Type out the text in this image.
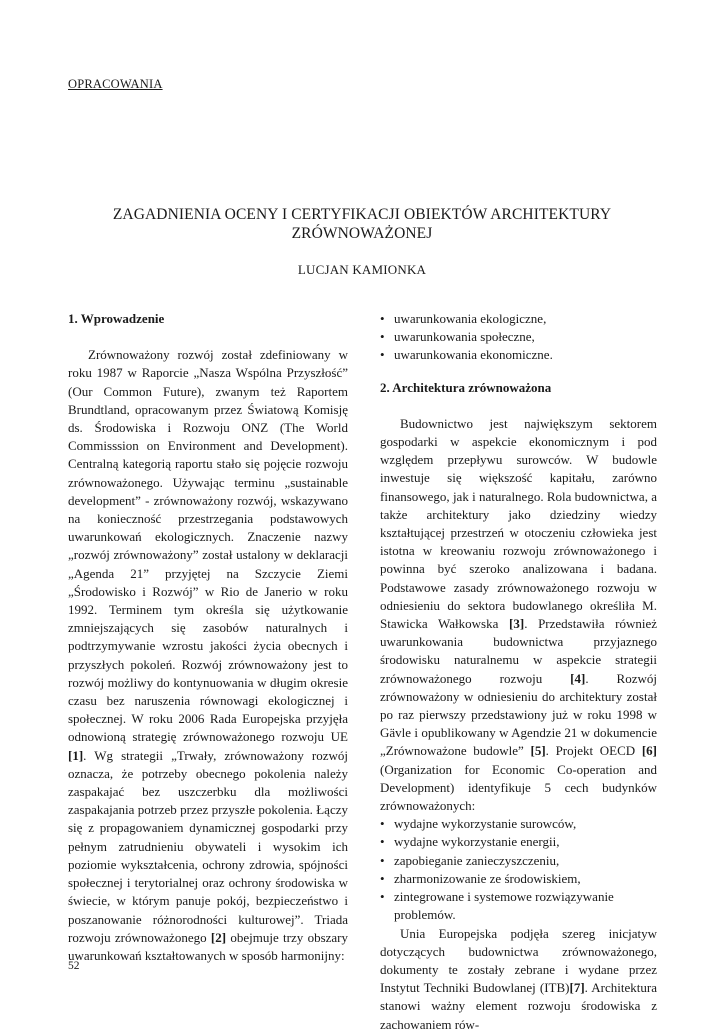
OPRACOWANIA
ZAGADNIENIA OCENY I CERTYFIKACJI OBIEKTÓW ARCHITEKTURY
ZRÓWNOWAŻONEJ
LUCJAN KAMIONKA
1. Wprowadzenie

Zrównoważony rozwój został zdefiniowany w roku 1987 w Raporcie „Nasza Wspólna Przyszłość” (Our Common Future), zwanym też Raportem Brundtland, opracowanym przez Światową Komisję ds. Środowiska i Rozwoju ONZ (The World Commisssion on Environment and Development). Centralną kategorią raportu stało się pojęcie rozwoju zrównoważonego. Używając terminu „sustainable development” - zrównoważony rozwój, wskazywano na konieczność przestrzegania podstawowych uwarunkowań ekologicznych. Znaczenie nazwy „rozwój zrównoważony” został ustalony w deklaracji „Agenda 21” przyjętej na Szczycie Ziemi „Środowisko i Rozwój” w Rio de Janerio w roku 1992. Terminem tym określa się użytkowanie zmniejszających się zasobów naturalnych i podtrzymywanie wzrostu jakości życia obecnych i przyszłych pokoleń. Rozwój zrównoważony jest to rozwój możliwy do kontynuowania w długim okresie czasu bez naruszenia równowagi ekologicznej i społecznej. W roku 2006 Rada Europejska przyjęła odnowioną strategię zrównoważonego rozwoju UE [1]. Wg strategii „Trwały, zrównoważony rozwój oznacza, że potrzeby obecnego pokolenia należy zaspakajać bez uszczerbku dla możliwości zaspakajania potrzeb przez przyszłe pokolenia. Łączy się z propagowaniem dynamicznej gospodarki przy pełnym zatrudnieniu obywateli i wysokim ich poziomie wykształcenia, ochrony zdrowia, spójności społecznej i terytorialnej oraz ochrony środowiska w świecie, w którym panuje pokój, bezpieczeństwo i poszanowanie różnorodności kulturowej”. Triada rozwoju zrównoważonego [2] obejmuje trzy obszary uwarunkowań kształtowanych w sposób harmonijny:

• uwarunkowania ekologiczne,
• uwarunkowania społeczne,
• uwarunkowania ekonomiczne.
2. Architektura zrównoważona

Budownictwo jest największym sektorem gospodarki w aspekcie ekonomicznym i pod względem przepływu surowców. W budowle inwestuje się większość kapitału, zarówno finansowego, jak i naturalnego. Rola budownictwa, a także architektury jako dziedziny wiedzy kształtującej przestrzeń w otoczeniu człowieka jest istotna w kreowaniu rozwoju zrównoważonego i powinna być szeroko analizowana i badana. Podstawowe zasady zrównoważonego rozwoju w odniesieniu do sektora budowlanego określiła M. Stawicka Wałkowska [3]. Przedstawiła również uwarunkowania budownictwa przyjaznego środowisku naturalnemu w aspekcie strategii zrównoważonego rozwoju [4]. Rozwój zrównoważony w odniesieniu do architektury został po raz pierwszy przedstawiony już w roku 1998 w Gävle i opublikowany w Agendzie 21 w dokumencie „Zrównoważone budowle” [5]. Projekt OECD [6] (Organization for Economic Co-operation and Development) identyfikuje 5 cech budynków zrównoważonych:

• wydajne wykorzystanie surowców,
• wydajne wykorzystanie energii,
• zapobieganie zanieczyszczeniu,
• zharmonizowanie ze środowiskiem,
• zintegrowane i systemowe rozwiązywanie problemów.

Unia Europejska podjęła szereg inicjatyw dotyczących budownictwa zrównoważonego, dokumenty te zostały zebrane i wydane przez Instytut Techniki Budowlanej (ITB)[7]. Architektura stanowi ważny element rozwoju środowiska z zachowaniem rów-

52
